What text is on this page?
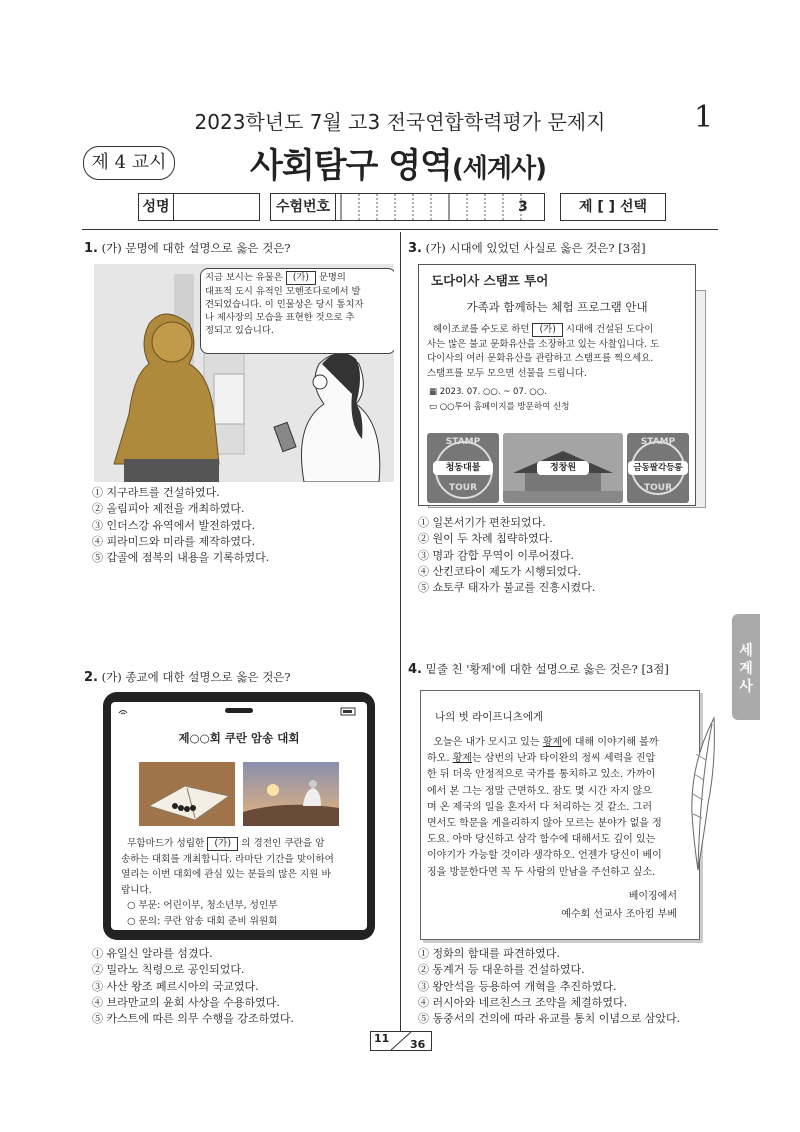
2023학년도 7월 고3 전국연합학력평가 문제지	1
제 4 교시 사회탐구 영역(세계사)
성명	수험번호	3	제 [ ] 선택
1. (가) 문명에 대한 설명으로 옳은 것은?
지금 보시는 유물은 (가) 문명의
대표적 도시 유적인 모헨조다로에서 발
견되었습니다. 이 인물상은 당시 통치자
나 제사장의 모습을 표현한 것으로 추
정되고 있습니다.
① 지구라트를 건설하였다.
② 올림피아 제전을 개최하였다.
③ 인더스강 유역에서 발전하였다.
④ 피라미드와 미라를 제작하였다.
⑤ 갑골에 점복의 내용을 기록하였다.
2. (가) 종교에 대한 설명으로 옳은 것은?
제○○회 쿠란 암송 대회
무함마드가 성립한 (가) 의 경전인 쿠란을 암
송하는 대회를 개최합니다. 라마단 기간을 맞이하여
열리는 이번 대회에 관심 있는 분들의 많은 지원 바
랍니다.
○ 부문: 어린이부, 청소년부, 성인부
○ 문의: 쿠란 암송 대회 준비 위원회
① 유일신 알라를 섬겼다.
② 밀라노 칙령으로 공인되었다.
③ 사산 왕조 페르시아의 국교였다.
④ 브라만교의 윤회 사상을 수용하였다.
⑤ 카스트에 따른 의무 수행을 강조하였다.
3. (가) 시대에 있었던 사실로 옳은 것은? [3점]
도다이사 스탬프 투어
가족과 함께하는 체험 프로그램 안내
헤이조쿄를 수도로 하던 (가) 시대에 건설된 도다이
사는 많은 불교 문화유산을 소장하고 있는 사찰입니다. 도
다이사의 여러 문화유산을 관람하고 스탬프를 찍으세요.
스탬프를 모두 모으면 선물을 드립니다.
▦ 2023. 07. ○○. ~ 07. ○○.
▭ ○○투어 홈페이지를 방문하여 신청
STAMP
TOUR
청동대불	정창원
STAMP
TOUR
금동팔각등롱
① 일본서기가 편찬되었다.
② 원이 두 차례 침략하였다.
③ 명과 감합 무역이 이루어졌다.
④ 산킨코타이 제도가 시행되었다.
⑤ 쇼토쿠 태자가 불교를 진흥시켰다.
4. 밑줄 친 '황제'에 대한 설명으로 옳은 것은? [3점]
나의 벗 라이프니츠에게
오늘은 내가 모시고 있는 황제에 대해 이야기해 볼까
하오. 황제는 삼번의 난과 타이완의 정씨 세력을 진압
한 뒤 더욱 안정적으로 국가를 통치하고 있소. 가까이
에서 본 그는 정말 근면하오. 잠도 몇 시간 자지 않으
며 온 제국의 일을 혼자서 다 처리하는 것 같소. 그러
면서도 학문을 게을리하지 않아 모르는 분야가 없을 정
도요. 아마 당신하고 삼각 함수에 대해서도 깊이 있는
이야기가 가능할 것이라 생각하오. 언젠가 당신이 베이
징을 방문한다면 꼭 두 사람의 만남을 주선하고 싶소.
베이징에서
예수회 선교사 조아킴 부베
① 정화의 함대를 파견하였다.
② 동계거 등 대운하를 건설하였다.
③ 왕안석을 등용하여 개혁을 추진하였다.
④ 러시아와 네르친스크 조약을 체결하였다.
⑤ 동중서의 건의에 따라 유교를 통치 이념으로 삼았다.
세
계
사
11 36
